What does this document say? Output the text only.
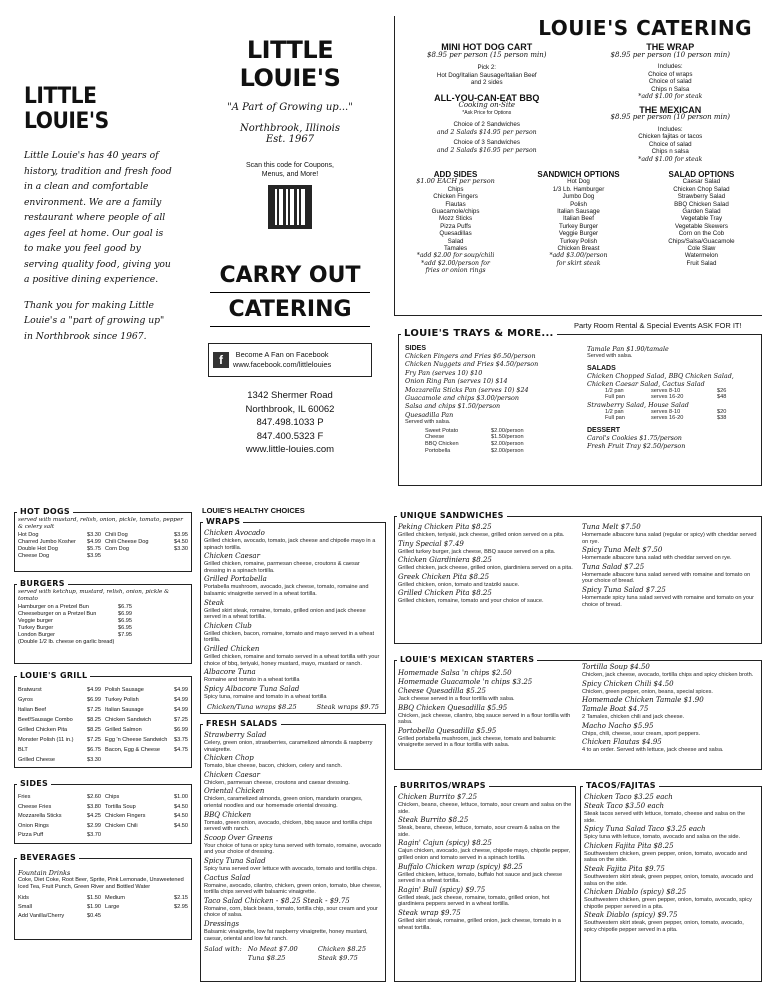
LITTLE LOUIE'S
Little Louie's has 40 years of history, tradition and fresh food in a clean and comfortable environment. We are a family restaurant where people of all ages feel at home. Our goal is to make you feel good by serving quality food, giving you a positive dining experience.
Thank you for making Little Louie's a "part of growing up" in Northbrook since 1967.
LITTLE LOUIE'S
"A Part of Growing up..."
Northbrook, Illinois
Est. 1967
Scan this code for Coupons, Menus, and More!
CARRY OUT
CATERING
f	Become A Fan on Facebook
www.facebook.com/littlelouies
1342 Shermer Road
Northbrook, IL 60062
847.498.1033 P
847.400.5323 F
www.little-louies.com
LOUIE'S CATERING
MINI HOT DOG CART
$8.95 per person (15 person min)
Pick 2:
Hot Dog/Italian Sausage/Italian Beef
and 2 sides
ALL-YOU-CAN-EAT BBQ
Cooking on-Site
*Ask Price for Options
Choice of 2 Sandwiches
and 2 Salads $14.95 per person
Choice of 3 Sandwiches
and 2 Salads $16.95 per person
THE WRAP
$8.95 per person (10 person min)
Includes:
Choice of wraps
Choice of salad
Chips n Salsa
*add $1.00 for steak
THE MEXICAN
$8.95 per person (10 person min)
Includes:
Chicken fajitas or tacos
Choice of salad
Chips n salsa
*add $1.00 for steak
ADD SIDES
$1.00 EACH per person
Chips
Chicken Fingers
Flautas
Guacamole/chips
Mozz Sticks
Pizza Puffs
Quesadillas
Salad
Tamales
*add $2.00 for soup/chili
*add $2.00/person for fries or onion rings
SANDWICH OPTIONS
Hot Dog
1/3 Lb. Hamburger
Jumbo Dog
Polish
Italian Sausage
Italian Beef
Turkey Burger
Veggie Burger
Turkey Polish
Chicken Breast
*add $3.00/person for skirt steak
SALAD OPTIONS
Caesar Salad
Chicken Chop Salad
Strawberry Salad
BBQ Chicken Salad
Garden Salad
Vegetable Tray
Vegetable Skewers
Corn on the Cob
Chips/Salsa/Guacamole
Cole Slaw
Watermelon
Fruit Salad
Party Room Rental & Special Events ASK FOR IT!
LOUIE'S TRAYS & MORE...
SIDES
Chicken Fingers and Fries $6.50/person
Chicken Nuggets and Fries $4.50/person
Fry Pan (serves 10) $10
Onion Ring Pan (serves 10) $14
Mozzarella Sticks Pan (serves 10) $24
Guacamole and chips $3.00/person
Salsa and chips $1.50/person
Quesadilla Pan
Served with salsa.
Sweet Potato	$2.00/person
Cheese	$1.50/person
BBQ Chicken	$2.00/person
Portobella	$2.00/person
Tamale Pan $1.90/tamale
Served with salsa.
SALADS
Chicken Chopped Salad, BBQ Chicken Salad, Chicken Caesar Salad, Cactus Salad
1/2 pan	serves 8-10	$26
Full pan	serves 16-20	$48
Strawberry Salad, House Salad
1/2 pan	serves 8-10	$20
Full pan	serves 16-20	$38
DESSERT
Carol's Cookies $1.75/person
Fresh Fruit Tray $2.50/person
HOT DOGS
served with mustard, relish, onion, pickle, tomato, pepper & celery salt
Hot Dog	$3.30 Chili Dog	$3.95
Charred Jumbo Kosher	$4.99 Chili Cheese Dog	$4.50
Double Hot Dog	$5.75 Corn Dog	$3.30
Cheese Dog	$3.95
BURGERS
served with ketchup, mustard, relish, onion, pickle & tomato
Hamburger on a Pretzel Bun	$6.75
Cheeseburger on a Pretzel Bun	$6.99
Veggie burger	$6.95
Turkey Burger	$6.95
London Burger	$7.95
(Double 1/2 lb. cheese on garlic bread)
LOUIE'S GRILL
Bratwurst	$4.99 Polish Sausage	$4.99
Gyros	$6.99 Turkey Polish	$4.99
Italian Beef	$7.25 Italian Sausage	$4.99
Beef/Sausage Combo	$8.25 Chicken Sandwich	$7.25
Grilled Chicken Pita	$8.25 Grilled Salmon	$6.99
Monster Polish (11 in.)	$7.25 Egg 'n Cheese Sandwich	$3.75
BLT	$6.75 Bacon, Egg & Cheese	$4.75
Grilled Cheese	$3.30
SIDES
Fries	$2.60 Chips	$1.00
Cheese Fries	$3.80 Tortilla Soup	$4.50
Mozzarella Sticks	$4.25 Chicken Fingers	$4.50
Onion Rings	$2.99 Chicken Chili	$4.50
Pizza Puff	$3.70
BEVERAGES
Fountain Drinks
Coke, Diet Coke, Root Beer, Sprite, Pink Lemonade, Unsweetened Iced Tea, Fruit Punch, Green River and Bottled Water
Kids	$1.50 Medium	$2.15
Small	$1.90 Large	$2.95
Add Vanilla/Cherry	$0.45
LOUIE'S HEALTHY CHOICES
WRAPS
Chicken Avocado
Grilled chicken, avocado, tomato, jack cheese and chipotle mayo in a spinach tortilla.
Chicken Caesar
Grilled chicken, romaine, parmesan cheese, croutons & caesar dressing in a spinach tortilla.
Grilled Portabella
Portabella mushroom, avocado, jack cheese, tomato, romaine and balsamic vinaigrette served in a wheat tortilla.
Steak
Grilled skirt steak, romaine, tomato, grilled onion and jack cheese served in a wheat tortilla.
Chicken Club
Grilled chicken, bacon, romaine, tomato and mayo served in a wheat tortilla.
Grilled Chicken
Grilled chicken, romaine and tomato served in a wheat tortilla with your choice of bbq, teriyaki, honey mustard, mayo, mustard or ranch.
Albacore Tuna
Romaine and tomato in a wheat tortilla
Spicy Albacore Tuna Salad
Spicy tuna, romaine and tomato in a wheat tortilla
Chicken/Tuna wraps $8.25	Steak wraps $9.75
FRESH SALADS
Strawberry Salad
Celery, green onion, strawberries, caramelized almonds & raspberry vinaigrette.
Chicken Chop
Tomato, blue cheese, bacon, chicken, celery and ranch.
Chicken Caesar
Chicken, parmesan cheese, croutons and caesar dressing.
Oriental Chicken
Chicken, caramelized almonds, green onion, mandarin oranges, oriental noodles and our homemade oriental dressing.
BBQ Chicken
Tomato, green onion, avocado, chicken, bbq sauce and tortilla chips served with ranch.
Scoop Over Greens
Your choice of tuna or spicy tuna served with tomato, romaine, avocado and your choice of dressing.
Spicy Tuna Salad
Spicy tuna served over lettuce with avocado, tomato and tortilla chips.
Cactus Salad
Romaine, avocado, cilantro, chicken, green onion, tomato, blue cheese, tortilla chips served with balsamic vinaigrette.
Taco Salad Chicken - $8.25 Steak - $9.75
Romaine, corn, black beans, tomato, tortilla chip, sour cream and your choice of salsa.
Dressings
Balsamic vinaigrette, low fat raspberry vinaigrette, honey mustard, caesar, oriental and low fat ranch.
Salad with: No Meat $7.00	Chicken $8.25
Tuna $8.25	Steak $9.75
UNIQUE SANDWICHES
Peking Chicken Pita $8.25
Grilled chicken, teriyaki, jack cheese, grilled onion served on a pita.
Tiny Special $7.49
Grilled turkey burger, jack cheese, BBQ sauce served on a pita.
Chicken Giardiniera $8.25
Grilled chicken, jack cheese, grilled onion, giardiniera served on a pita.
Greek Chicken Pita $8.25
Grilled chicken, onion, tomato and tzatziki sauce.
Grilled Chicken Pita $8.25
Grilled chicken, romaine, tomato and your choice of sauce.
Tuna Melt $7.50
Homemade albacore tuna salad (regular or spicy) with cheddar served on rye.
Spicy Tuna Melt $7.50
Homemade albacore tuna salad with cheddar served on rye.
Tuna Salad $7.25
Homemade albacore tuna salad served with romaine and tomato on your choice of bread.
Spicy Tuna Salad $7.25
Homemade spicy tuna salad served with romaine and tomato on your choice of bread.
LOUIE'S MEXICAN STARTERS
Homemade Salsa 'n chips $2.50
Homemade Guacamole 'n chips $3.25
Cheese Quesadilla $5.25
Jack cheese served in a flour tortilla with salsa.
BBQ Chicken Quesadilla $5.95
Chicken, jack cheese, cilantro, bbq sauce served in a flour tortilla with salsa.
Portobella Quesadilla $5.95
Grilled portabella mushroom, jack cheese, tomato and balsamic vinaigrette served in a flour tortilla with salsa.
Tortilla Soup $4.50
Chicken, jack cheese, avocado, tortilla chips and spicy chicken broth.
Spicy Chicken Chili $4.50
Chicken, green pepper, onion, beans, special spices.
Homemade Chicken Tamale $1.90
Tamale Boat $4.75
2 Tamales, chicken chili and jack cheese.
Macho Nacho $5.95
Chips, chili, cheese, sour cream, sport peppers.
Chicken Flautas $4.95
4 to an order. Served with lettuce, jack cheese and salsa.
BURRITOS/WRAPS
Chicken Burrito $7.25
Chicken, beans, cheese, lettuce, tomato, sour cream and salsa on the side.
Steak Burrito $8.25
Steak, beans, cheese, lettuce, tomato, sour cream & salsa on the side.
Ragin' Cajun (spicy) $8.25
Cajun chicken, avocado, jack cheese, chipotle mayo, chipotle pepper, grilled onion and tomato served in a spinach tortilla.
Buffalo Chicken wrap (spicy) $8.25
Grilled chicken, lettuce, tomato, buffalo hot sauce and jack cheese served in a wheat tortilla.
Ragin' Bull (spicy) $9.75
Grilled steak, jack cheese, romaine, tomato, grilled onion, hot giardiniera peppers served in a wheat tortilla.
Steak wrap $9.75
Grilled skirt steak, romaine, grilled onion, jack cheese, tomato in a wheat tortilla.
TACOS/FAJITAS
Chicken Taco $3.25 each
Steak Taco $3.50 each
Steak tacos served with lettuce, tomato, cheese and salsa on the side.
Spicy Tuna Salad Taco $3.25 each
Spicy tuna with lettuce, tomato, avocado and salsa on the side.
Chicken Fajita Pita $8.25
Southwestern chicken, green pepper, onion, tomato, avocado and salsa on the side.
Steak Fajita Pita $9.75
Southwestern skirt steak, green pepper, onion, tomato, avocado and salsa on the side.
Chicken Diablo (spicy) $8.25
Southwestern chicken, green pepper, onion, tomato, avocado, spicy chipotle pepper served in a pita.
Steak Diablo (spicy) $9.75
Southwestern skirt steak, green pepper, onion, tomato, avocado, spicy chipotle pepper served in a pita.
